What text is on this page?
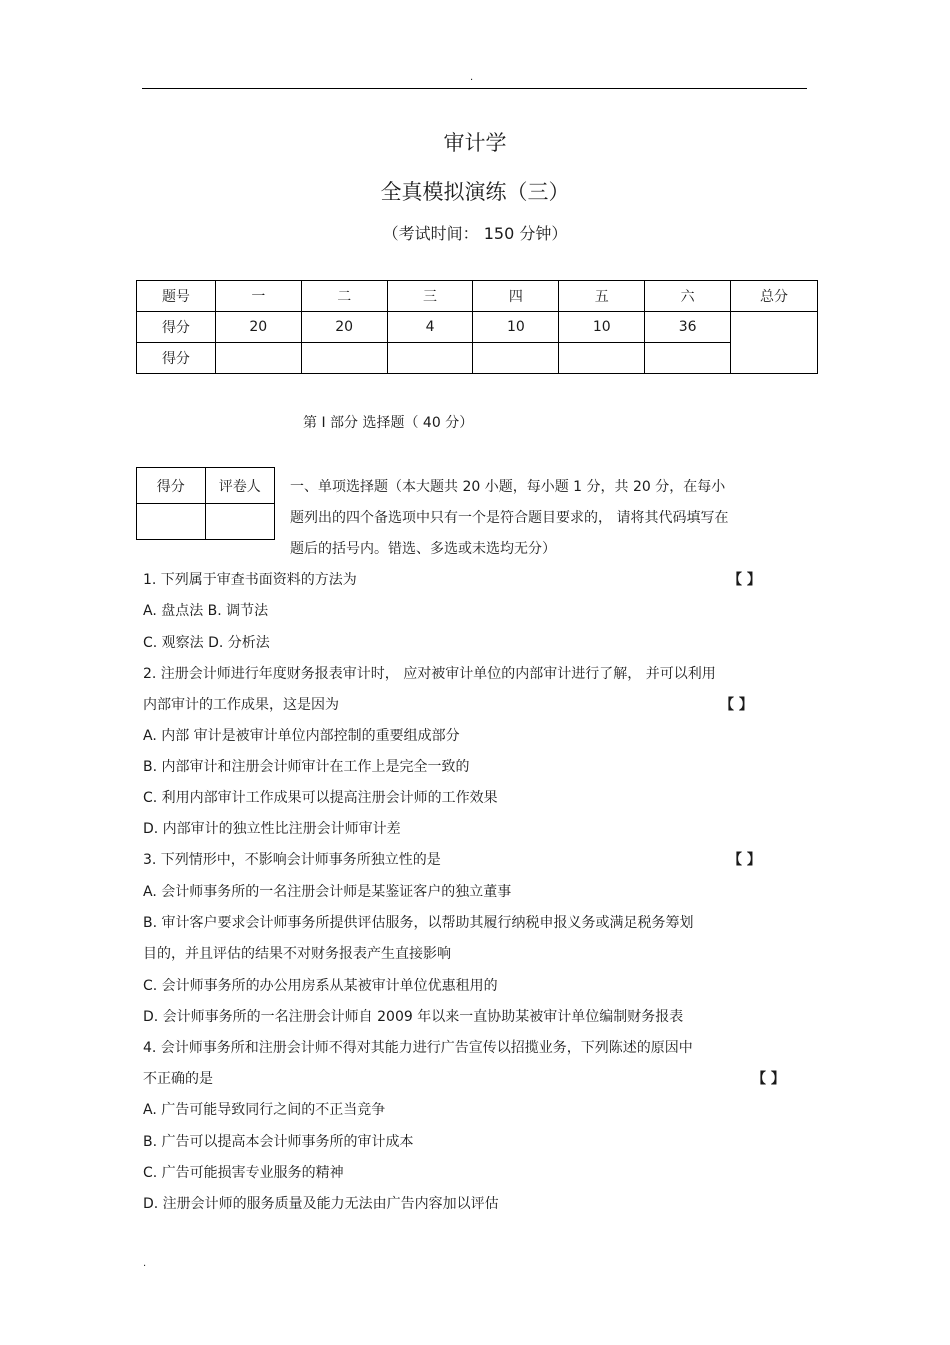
.
审计学
全真模拟演练（三）
（考试时间： 150 分钟）
题号	一	二	三	四	五	六	总分
得分	20	20	4	10	10	36	
得分							
第 I 部分 选择题（ 40 分）
得分	评卷人
	一、单项选择题（本大题共 20 小题，每小题 1 分，共 20 分，在每小
题列出的四个备选项中只有一个是符合题目要求的， 请将其代码填写在
题后的括号内。错选、多选或未选均无分）
1. 下列属于审查书面资料的方法为	【 】
A. 盘点法 B. 调节法
C. 观察法 D. 分析法
2. 注册会计师进行年度财务报表审计时， 应对被审计单位的内部审计进行了解， 并可以利用
内部审计的工作成果，这是因为	【 】
A. 内部 审计是被审计单位内部控制的重要组成部分
B. 内部审计和注册会计师审计在工作上是完全一致的
C. 利用内部审计工作成果可以提高注册会计师的工作效果
D. 内部审计的独立性比注册会计师审计差
3. 下列情形中，不影响会计师事务所独立性的是	【 】
A. 会计师事务所的一名注册会计师是某鉴证客户的独立董事
B. 审计客户要求会计师事务所提供评估服务，以帮助其履行纳税申报义务或满足税务筹划
目的，并且评估的结果不对财务报表产生直接影响
C. 会计师事务所的办公用房系从某被审计单位优惠租用的
D. 会计师事务所的一名注册会计师自 2009 年以来一直协助某被审计单位编制财务报表
4. 会计师事务所和注册会计师不得对其能力进行广告宣传以招揽业务，下列陈述的原因中
不正确的是	【 】
A. 广告可能导致同行之间的不正当竞争
B. 广告可以提高本会计师事务所的审计成本
C. 广告可能损害专业服务的精神
D. 注册会计师的服务质量及能力无法由广告内容加以评估
.
